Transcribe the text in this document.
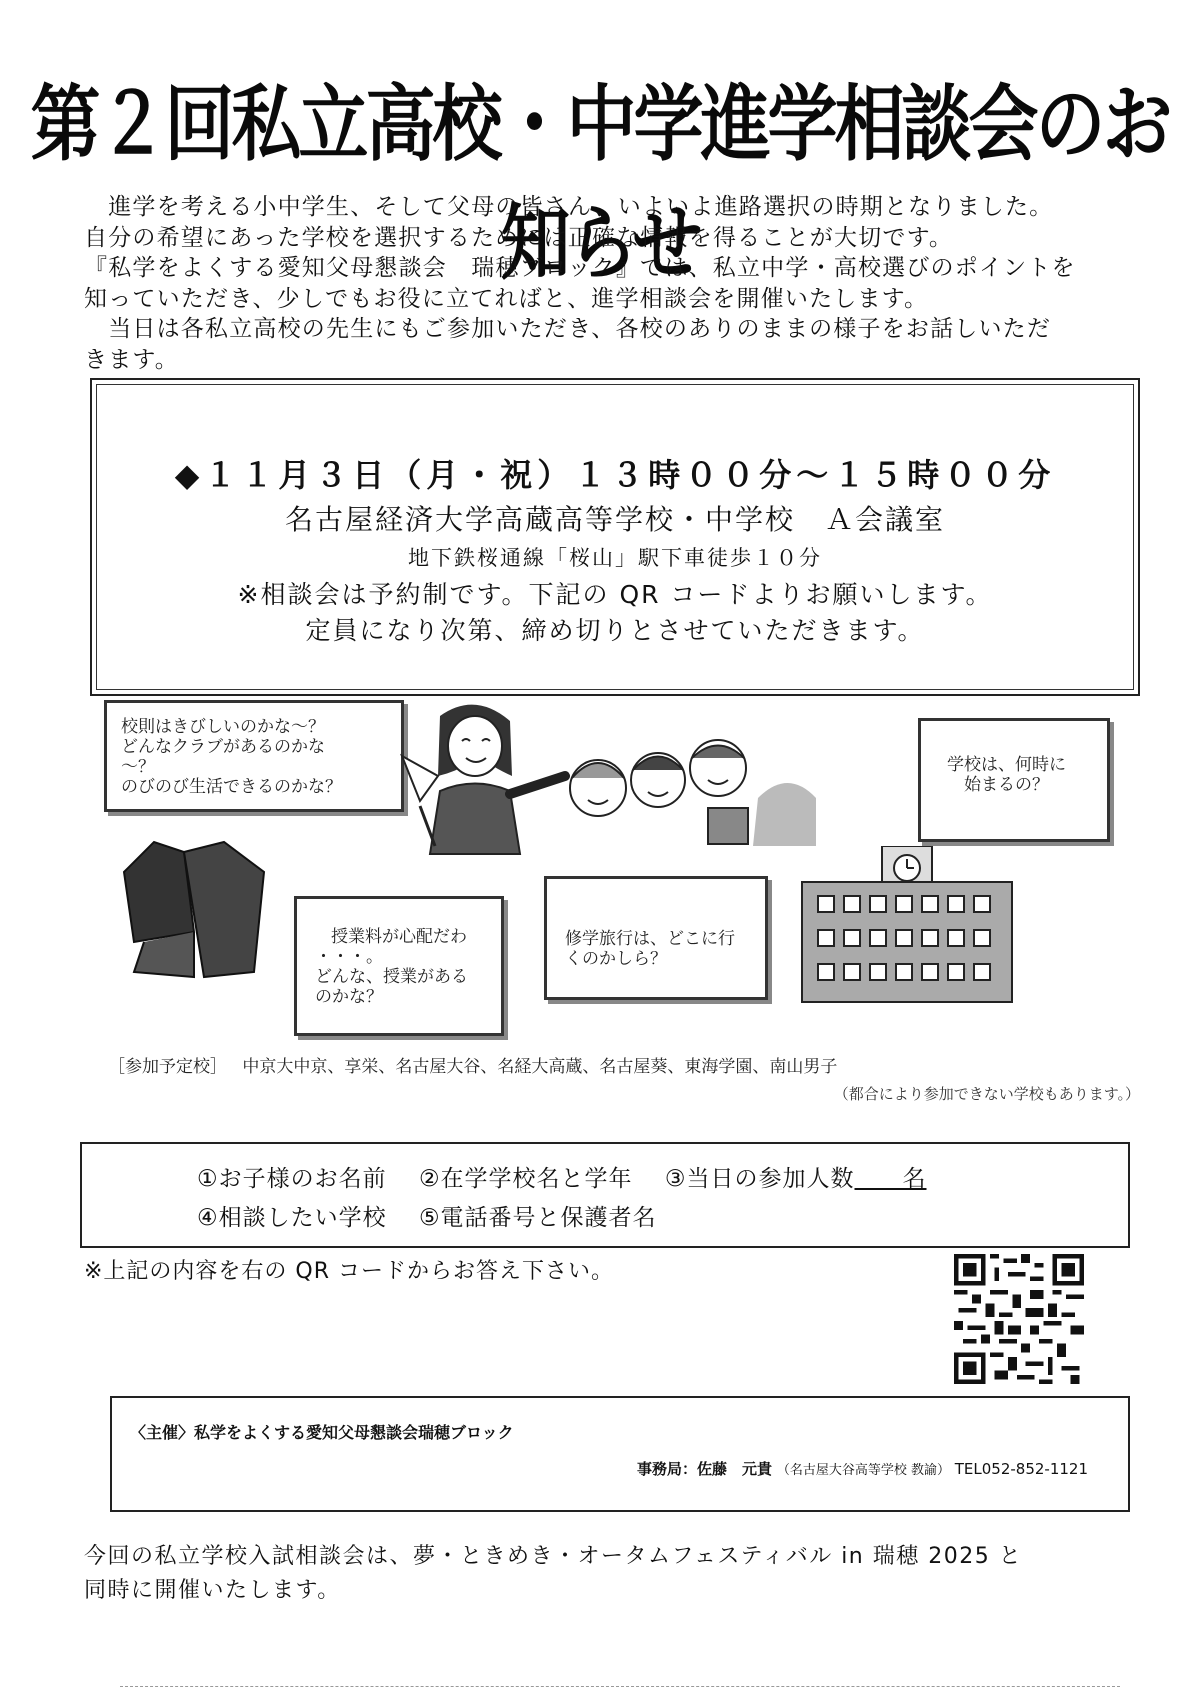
第２回私立高校・中学進学相談会のお知らせ

　進学を考える小中学生、そして父母の皆さん、いよいよ進路選択の時期となりました。

自分の希望にあった学校を選択するためには正確な情報を得ることが大切です。

『私学をよくする愛知父母懇談会　瑞穂ブロック』では、私立中学・高校選びのポイントを

知っていただき、少しでもお役に立てればと、進学相談会を開催いたします。

　当日は各私立高校の先生にもご参加いただき、各校のありのままの様子をお話しいただ

きます。

◆１１月３日（月・祝）１３時００分～１５時００分
名古屋経済大学高蔵高等学校・中学校　Ａ会議室
地下鉄桜通線「桜山」駅下車徒歩１０分
※相談会は予約制です。下記の QR コードよりお願いします。
定員になり次第、締め切りとさせていただきます。
校則はきびしいのかな～？
どんなクラブがあるのかな
～？
のびのび生活できるのかな？
学校は、何時に
　始まるの？
授業料が心配だわ
・・・。
どんな、授業がある
のかな？
修学旅行は、どこに行
くのかしら？
［参加予定校］ 中京大中京、享栄、名古屋大谷、名経大高蔵、名古屋葵、東海学園、南山男子
（都合により参加できない学校もあります。）
①お子様のお名前 ②在学学校名と学年 ③当日の参加人数　　名
④相談したい学校 ⑤電話番号と保護者名
※上記の内容を右の QR コードからお答え下さい。
〈主催〉私学をよくする愛知父母懇談会瑞穂ブロック
事務局：佐藤　元貴 （名古屋大谷高等学校 教諭） TEL052-852-1121
今回の私立学校入試相談会は、夢・ときめき・オータムフェスティバル in 瑞穂 2025 と
同時に開催いたします。
